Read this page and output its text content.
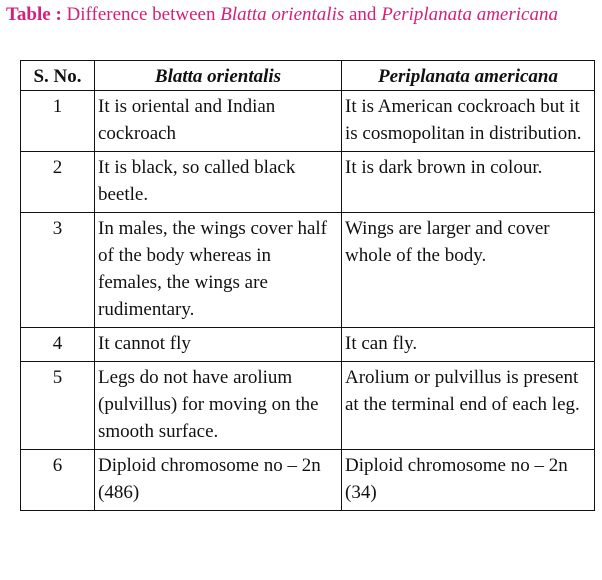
Table : Difference between Blatta orientalis and Periplanata americana
S. No.	Blatta orientalis	Periplanata americana
1	It is oriental and Indian cockroach	It is American cockroach but it is cosmopolitan in distribution.
2	It is black, so called black beetle.	It is dark brown in colour.
3	In males, the wings cover half of the body whereas in females, the wings are rudimentary.	Wings are larger and cover whole of the body.
4	It cannot fly	It can fly.
5	Legs do not have arolium (pulvillus) for moving on the smooth surface.	Arolium or pulvillus is present at the terminal end of each leg.
6	Diploid chromosome no – 2n (486)	Diploid chromosome no – 2n (34)
